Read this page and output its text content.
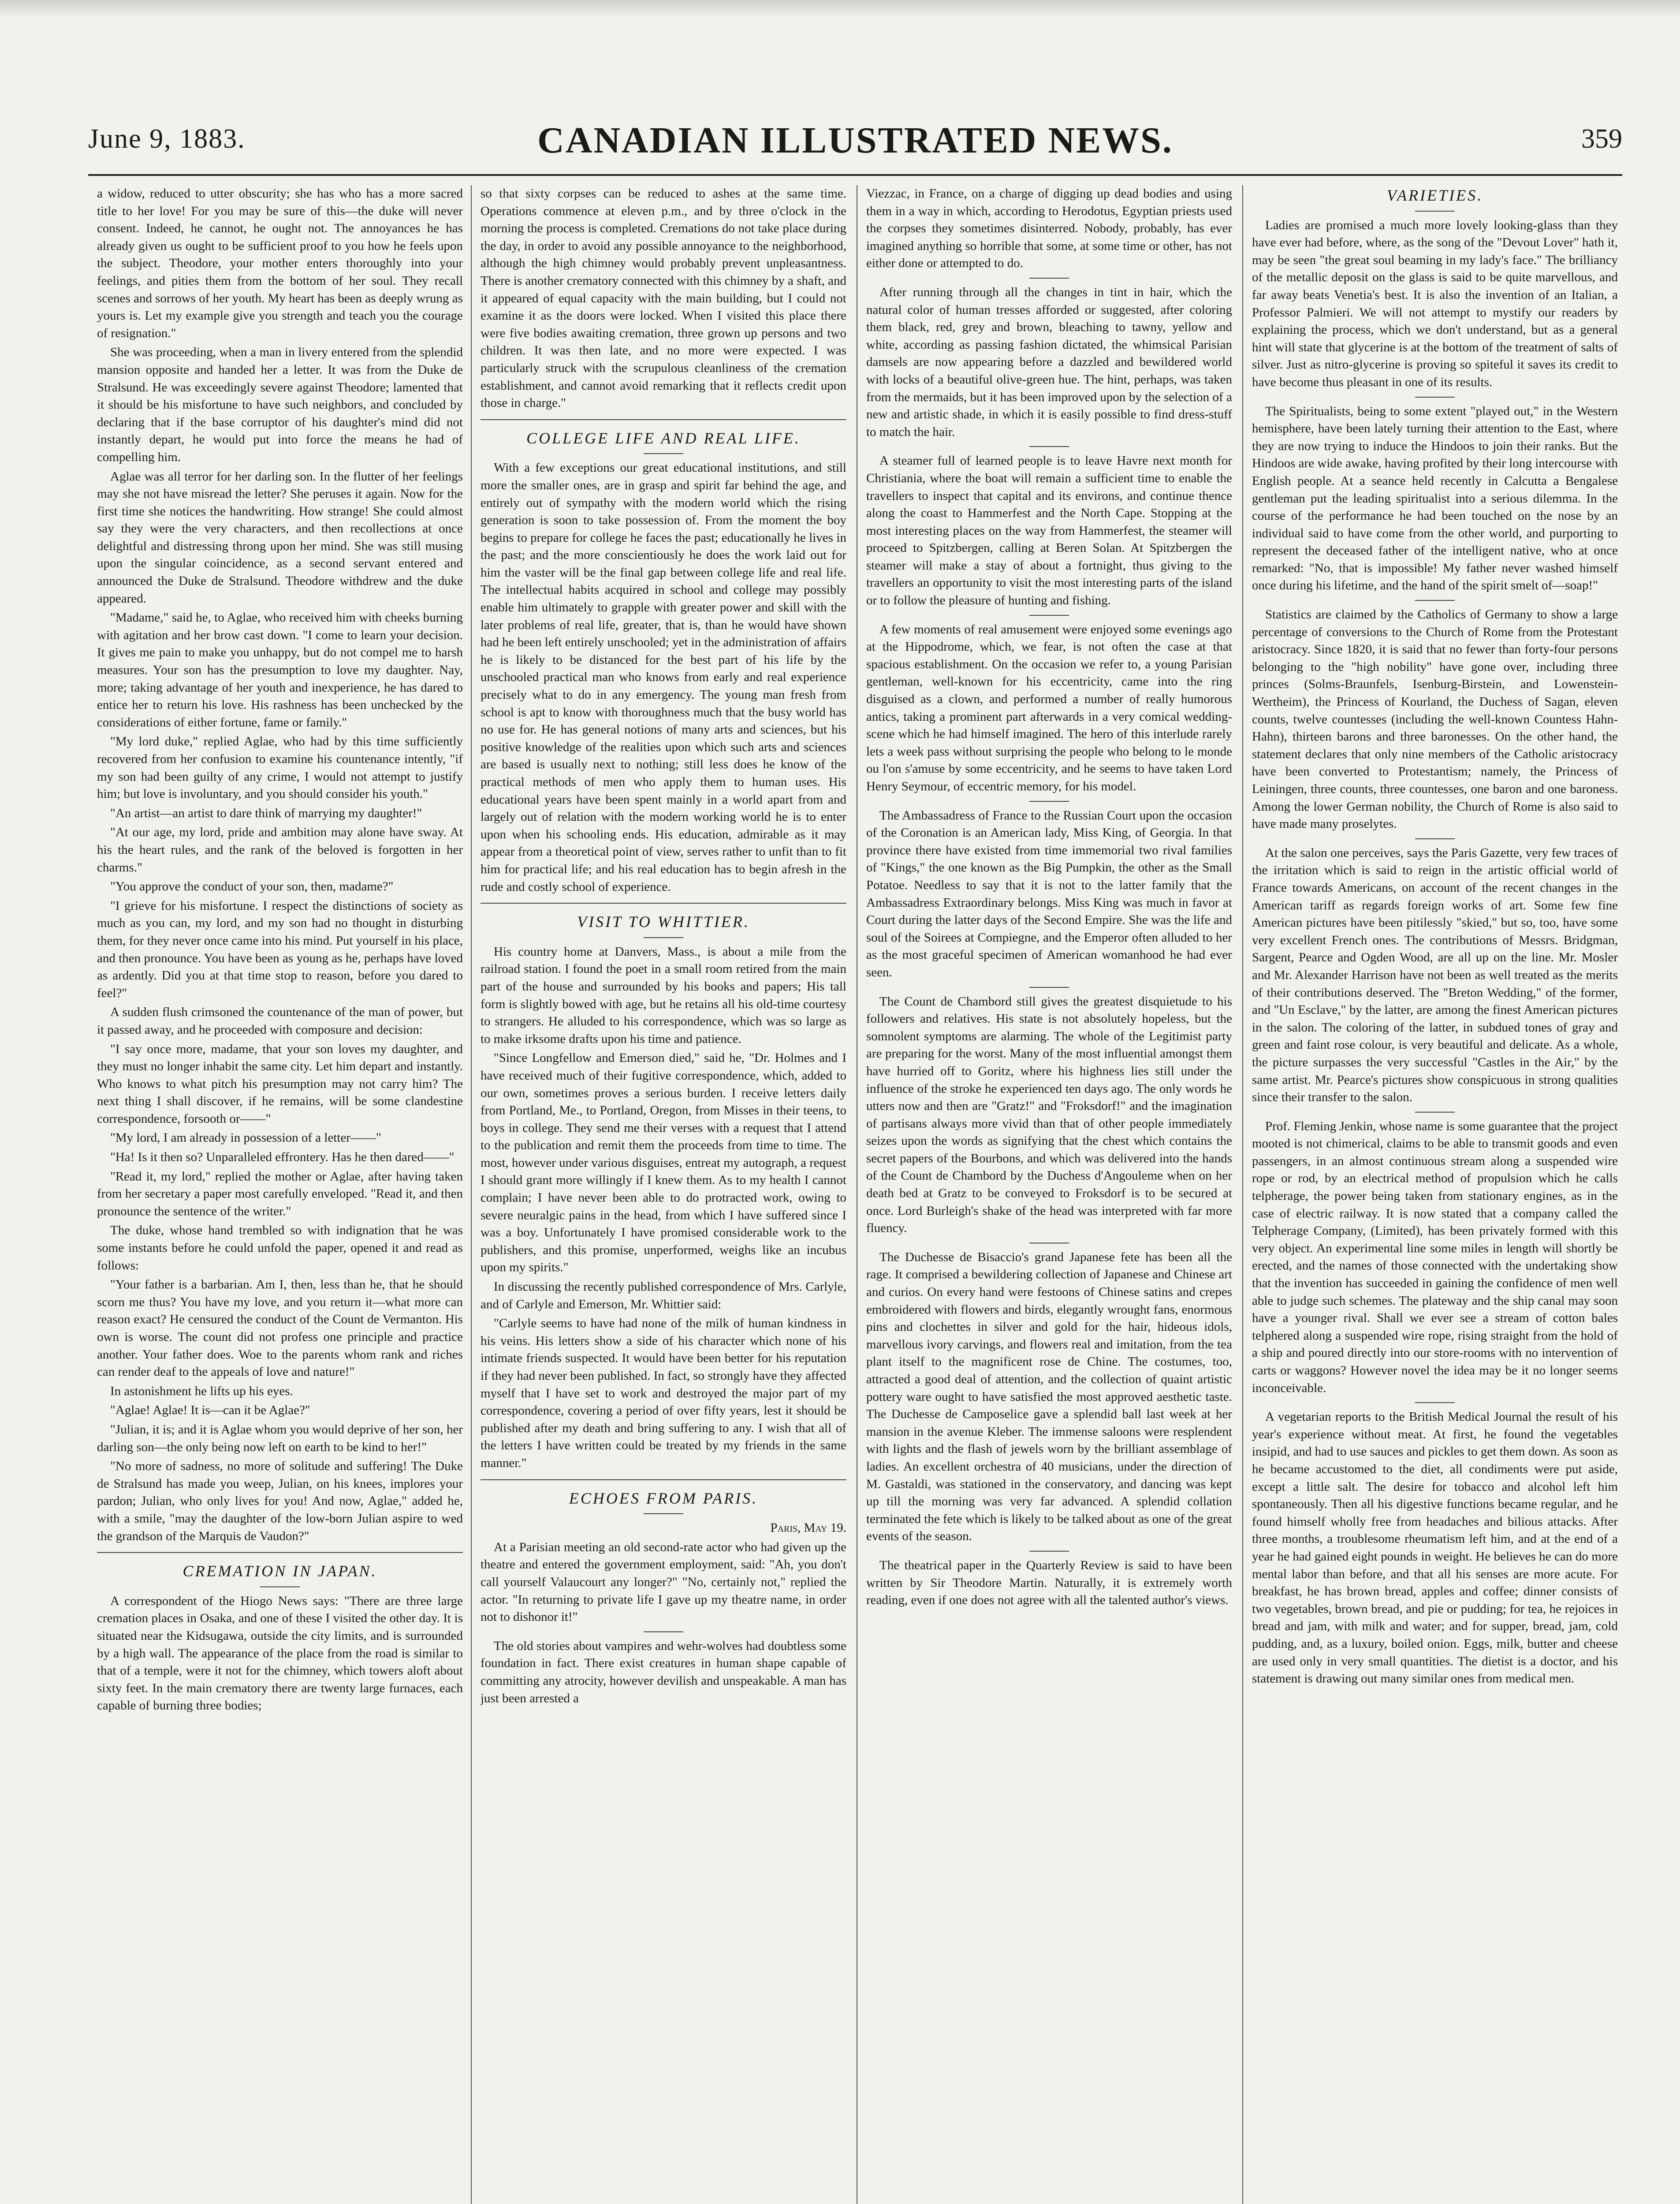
June 9, 1883.	CANADIAN ILLUSTRATED NEWS.	359

a widow, reduced to utter obscurity; she has who has a more sacred title to her love! For you may be sure of this—the duke will never consent. Indeed, he cannot, he ought not. The annoyances he has already given us ought to be sufficient proof to you how he feels upon the subject. Theodore, your mother enters thoroughly into your feelings, and pities them from the bottom of her soul. They recall scenes and sorrows of her youth. My heart has been as deeply wrung as yours is. Let my example give you strength and teach you the courage of resignation."

She was proceeding, when a man in livery entered from the splendid mansion opposite and handed her a letter. It was from the Duke de Stralsund. He was exceedingly severe against Theodore; lamented that it should be his misfortune to have such neighbors, and concluded by declaring that if the base corruptor of his daughter's mind did not instantly depart, he would put into force the means he had of compelling him.

Aglae was all terror for her darling son. In the flutter of her feelings may she not have misread the letter? She peruses it again. Now for the first time she notices the handwriting. How strange! She could almost say they were the very characters, and then recollections at once delightful and distressing throng upon her mind. She was still musing upon the singular coincidence, as a second servant entered and announced the Duke de Stralsund. Theodore withdrew and the duke appeared.

"Madame," said he, to Aglae, who received him with cheeks burning with agitation and her brow cast down. "I come to learn your decision. It gives me pain to make you unhappy, but do not compel me to harsh measures. Your son has the presumption to love my daughter. Nay, more; taking advantage of her youth and inexperience, he has dared to entice her to return his love. His rashness has been unchecked by the considerations of either fortune, fame or family."

"My lord duke," replied Aglae, who had by this time sufficiently recovered from her confusion to examine his countenance intently, "if my son had been guilty of any crime, I would not attempt to justify him; but love is involuntary, and you should consider his youth."

"An artist—an artist to dare think of marrying my daughter!"

"At our age, my lord, pride and ambition may alone have sway. At his the heart rules, and the rank of the beloved is forgotten in her charms."

"You approve the conduct of your son, then, madame?"

"I grieve for his misfortune. I respect the distinctions of society as much as you can, my lord, and my son had no thought in disturbing them, for they never once came into his mind. Put yourself in his place, and then pronounce. You have been as young as he, perhaps have loved as ardently. Did you at that time stop to reason, before you dared to feel?"

A sudden flush crimsoned the countenance of the man of power, but it passed away, and he proceeded with composure and decision:

"I say once more, madame, that your son loves my daughter, and they must no longer inhabit the same city. Let him depart and instantly. Who knows to what pitch his presumption may not carry him? The next thing I shall discover, if he remains, will be some clandestine correspondence, forsooth or——"

"My lord, I am already in possession of a letter——"

"Ha! Is it then so? Unparalleled effrontery. Has he then dared——"

"Read it, my lord," replied the mother or Aglae, after having taken from her secretary a paper most carefully enveloped. "Read it, and then pronounce the sentence of the writer."

The duke, whose hand trembled so with indignation that he was some instants before he could unfold the paper, opened it and read as follows:

"Your father is a barbarian. Am I, then, less than he, that he should scorn me thus? You have my love, and you return it—what more can reason exact? He censured the conduct of the Count de Vermanton. His own is worse. The count did not profess one principle and practice another. Your father does. Woe to the parents whom rank and riches can render deaf to the appeals of love and nature!"

In astonishment he lifts up his eyes.

"Aglae! Aglae! It is—can it be Aglae?"

"Julian, it is; and it is Aglae whom you would deprive of her son, her darling son—the only being now left on earth to be kind to her!"

"No more of sadness, no more of solitude and suffering! The Duke de Stralsund has made you weep, Julian, on his knees, implores your pardon; Julian, who only lives for you! And now, Aglae," added he, with a smile, "may the daughter of the low-born Julian aspire to wed the grandson of the Marquis de Vaudon?"

CREMATION IN JAPAN.

A correspondent of the Hiogo News says: "There are three large cremation places in Osaka, and one of these I visited the other day. It is situated near the Kidsugawa, outside the city limits, and is surrounded by a high wall. The appearance of the place from the road is similar to that of a temple, were it not for the chimney, which towers aloft about sixty feet. In the main crematory there are twenty large furnaces, each capable of burning three bodies;

so that sixty corpses can be reduced to ashes at the same time. Operations commence at eleven p.m., and by three o'clock in the morning the process is completed. Cremations do not take place during the day, in order to avoid any possible annoyance to the neighborhood, although the high chimney would probably prevent unpleasantness. There is another crematory connected with this chimney by a shaft, and it appeared of equal capacity with the main building, but I could not examine it as the doors were locked. When I visited this place there were five bodies awaiting cremation, three grown up persons and two children. It was then late, and no more were expected. I was particularly struck with the scrupulous cleanliness of the cremation establishment, and cannot avoid remarking that it reflects credit upon those in charge."

COLLEGE LIFE AND REAL LIFE.

With a few exceptions our great educational institutions, and still more the smaller ones, are in grasp and spirit far behind the age, and entirely out of sympathy with the modern world which the rising generation is soon to take possession of. From the moment the boy begins to prepare for college he faces the past; educationally he lives in the past; and the more conscientiously he does the work laid out for him the vaster will be the final gap between college life and real life. The intellectual habits acquired in school and college may possibly enable him ultimately to grapple with greater power and skill with the later problems of real life, greater, that is, than he would have shown had he been left entirely unschooled; yet in the administration of affairs he is likely to be distanced for the best part of his life by the unschooled practical man who knows from early and real experience precisely what to do in any emergency. The young man fresh from school is apt to know with thoroughness much that the busy world has no use for. He has general notions of many arts and sciences, but his positive knowledge of the realities upon which such arts and sciences are based is usually next to nothing; still less does he know of the practical methods of men who apply them to human uses. His educational years have been spent mainly in a world apart from and largely out of relation with the modern working world he is to enter upon when his schooling ends. His education, admirable as it may appear from a theoretical point of view, serves rather to unfit than to fit him for practical life; and his real education has to begin afresh in the rude and costly school of experience.

VISIT TO WHITTIER.

His country home at Danvers, Mass., is about a mile from the railroad station. I found the poet in a small room retired from the main part of the house and surrounded by his books and papers; His tall form is slightly bowed with age, but he retains all his old-time courtesy to strangers. He alluded to his correspondence, which was so large as to make irksome drafts upon his time and patience.

"Since Longfellow and Emerson died," said he, "Dr. Holmes and I have received much of their fugitive correspondence, which, added to our own, sometimes proves a serious burden. I receive letters daily from Portland, Me., to Portland, Oregon, from Misses in their teens, to boys in college. They send me their verses with a request that I attend to the publication and remit them the proceeds from time to time. The most, however under various disguises, entreat my autograph, a request I should grant more willingly if I knew them. As to my health I cannot complain; I have never been able to do protracted work, owing to severe neuralgic pains in the head, from which I have suffered since I was a boy. Unfortunately I have promised considerable work to the publishers, and this promise, unperformed, weighs like an incubus upon my spirits."

In discussing the recently published correspondence of Mrs. Carlyle, and of Carlyle and Emerson, Mr. Whittier said:

"Carlyle seems to have had none of the milk of human kindness in his veins. His letters show a side of his character which none of his intimate friends suspected. It would have been better for his reputation if they had never been published. In fact, so strongly have they affected myself that I have set to work and destroyed the major part of my correspondence, covering a period of over fifty years, lest it should be published after my death and bring suffering to any. I wish that all of the letters I have written could be treated by my friends in the same manner."

ECHOES FROM PARIS.

Paris, May 19.

At a Parisian meeting an old second-rate actor who had given up the theatre and entered the government employment, said: "Ah, you don't call yourself Valaucourt any longer?" "No, certainly not," replied the actor. "In returning to private life I gave up my theatre name, in order not to dishonor it!"

The old stories about vampires and wehr-wolves had doubtless some foundation in fact. There exist creatures in human shape capable of committing any atrocity, however devilish and unspeakable. A man has just been arrested a

Viezzac, in France, on a charge of digging up dead bodies and using them in a way in which, according to Herodotus, Egyptian priests used the corpses they sometimes disinterred. Nobody, probably, has ever imagined anything so horrible that some, at some time or other, has not either done or attempted to do.

After running through all the changes in tint in hair, which the natural color of human tresses afforded or suggested, after coloring them black, red, grey and brown, bleaching to tawny, yellow and white, according as passing fashion dictated, the whimsical Parisian damsels are now appearing before a dazzled and bewildered world with locks of a beautiful olive-green hue. The hint, perhaps, was taken from the mermaids, but it has been improved upon by the selection of a new and artistic shade, in which it is easily possible to find dress-stuff to match the hair.

A steamer full of learned people is to leave Havre next month for Christiania, where the boat will remain a sufficient time to enable the travellers to inspect that capital and its environs, and continue thence along the coast to Hammerfest and the North Cape. Stopping at the most interesting places on the way from Hammerfest, the steamer will proceed to Spitzbergen, calling at Beren Solan. At Spitzbergen the steamer will make a stay of about a fortnight, thus giving to the travellers an opportunity to visit the most interesting parts of the island or to follow the pleasure of hunting and fishing.

A few moments of real amusement were enjoyed some evenings ago at the Hippodrome, which, we fear, is not often the case at that spacious establishment. On the occasion we refer to, a young Parisian gentleman, well-known for his eccentricity, came into the ring disguised as a clown, and performed a number of really humorous antics, taking a prominent part afterwards in a very comical wedding-scene which he had himself imagined. The hero of this interlude rarely lets a week pass without surprising the people who belong to le monde ou l'on s'amuse by some eccentricity, and he seems to have taken Lord Henry Seymour, of eccentric memory, for his model.

The Ambassadress of France to the Russian Court upon the occasion of the Coronation is an American lady, Miss King, of Georgia. In that province there have existed from time immemorial two rival families of "Kings," the one known as the Big Pumpkin, the other as the Small Potatoe. Needless to say that it is not to the latter family that the Ambassadress Extraordinary belongs. Miss King was much in favor at Court during the latter days of the Second Empire. She was the life and soul of the Soirees at Compiegne, and the Emperor often alluded to her as the most graceful specimen of American womanhood he had ever seen.

The Count de Chambord still gives the greatest disquietude to his followers and relatives. His state is not absolutely hopeless, but the somnolent symptoms are alarming. The whole of the Legitimist party are preparing for the worst. Many of the most influential amongst them have hurried off to Goritz, where his highness lies still under the influence of the stroke he experienced ten days ago. The only words he utters now and then are "Gratz!" and "Froksdorf!" and the imagination of partisans always more vivid than that of other people immediately seizes upon the words as signifying that the chest which contains the secret papers of the Bourbons, and which was delivered into the hands of the Count de Chambord by the Duchess d'Angouleme when on her death bed at Gratz to be conveyed to Froksdorf is to be secured at once. Lord Burleigh's shake of the head was interpreted with far more fluency.

The Duchesse de Bisaccio's grand Japanese fete has been all the rage. It comprised a bewildering collection of Japanese and Chinese art and curios. On every hand were festoons of Chinese satins and crepes embroidered with flowers and birds, elegantly wrought fans, enormous pins and clochettes in silver and gold for the hair, hideous idols, marvellous ivory carvings, and flowers real and imitation, from the tea plant itself to the magnificent rose de Chine. The costumes, too, attracted a good deal of attention, and the collection of quaint artistic pottery ware ought to have satisfied the most approved aesthetic taste. The Duchesse de Camposelice gave a splendid ball last week at her mansion in the avenue Kleber. The immense saloons were resplendent with lights and the flash of jewels worn by the brilliant assemblage of ladies. An excellent orchestra of 40 musicians, under the direction of M. Gastaldi, was stationed in the conservatory, and dancing was kept up till the morning was very far advanced. A splendid collation terminated the fete which is likely to be talked about as one of the great events of the season.

The theatrical paper in the Quarterly Review is said to have been written by Sir Theodore Martin. Naturally, it is extremely worth reading, even if one does not agree with all the talented author's views.

VARIETIES.

Ladies are promised a much more lovely looking-glass than they have ever had before, where, as the song of the "Devout Lover" hath it, may be seen "the great soul beaming in my lady's face." The brilliancy of the metallic deposit on the glass is said to be quite marvellous, and far away beats Venetia's best. It is also the invention of an Italian, a Professor Palmieri. We will not attempt to mystify our readers by explaining the process, which we don't understand, but as a general hint will state that glycerine is at the bottom of the treatment of salts of silver. Just as nitro-glycerine is proving so spiteful it saves its credit to have become thus pleasant in one of its results.

The Spiritualists, being to some extent "played out," in the Western hemisphere, have been lately turning their attention to the East, where they are now trying to induce the Hindoos to join their ranks. But the Hindoos are wide awake, having profited by their long intercourse with English people. At a seance held recently in Calcutta a Bengalese gentleman put the leading spiritualist into a serious dilemma. In the course of the performance he had been touched on the nose by an individual said to have come from the other world, and purporting to represent the deceased father of the intelligent native, who at once remarked: "No, that is impossible! My father never washed himself once during his lifetime, and the hand of the spirit smelt of—soap!"

Statistics are claimed by the Catholics of Germany to show a large percentage of conversions to the Church of Rome from the Protestant aristocracy. Since 1820, it is said that no fewer than forty-four persons belonging to the "high nobility" have gone over, including three princes (Solms-Braunfels, Isenburg-Birstein, and Lowenstein-Wertheim), the Princess of Kourland, the Duchess of Sagan, eleven counts, twelve countesses (including the well-known Countess Hahn-Hahn), thirteen barons and three baronesses. On the other hand, the statement declares that only nine members of the Catholic aristocracy have been converted to Protestantism; namely, the Princess of Leiningen, three counts, three countesses, one baron and one baroness. Among the lower German nobility, the Church of Rome is also said to have made many proselytes.

At the salon one perceives, says the Paris Gazette, very few traces of the irritation which is said to reign in the artistic official world of France towards Americans, on account of the recent changes in the American tariff as regards foreign works of art. Some few fine American pictures have been pitilessly "skied," but so, too, have some very excellent French ones. The contributions of Messrs. Bridgman, Sargent, Pearce and Ogden Wood, are all up on the line. Mr. Mosler and Mr. Alexander Harrison have not been as well treated as the merits of their contributions deserved. The "Breton Wedding," of the former, and "Un Esclave," by the latter, are among the finest American pictures in the salon. The coloring of the latter, in subdued tones of gray and green and faint rose colour, is very beautiful and delicate. As a whole, the picture surpasses the very successful "Castles in the Air," by the same artist. Mr. Pearce's pictures show conspicuous in strong qualities since their transfer to the salon.

Prof. Fleming Jenkin, whose name is some guarantee that the project mooted is not chimerical, claims to be able to transmit goods and even passengers, in an almost continuous stream along a suspended wire rope or rod, by an electrical method of propulsion which he calls telpherage, the power being taken from stationary engines, as in the case of electric railway. It is now stated that a company called the Telpherage Company, (Limited), has been privately formed with this very object. An experimental line some miles in length will shortly be erected, and the names of those connected with the undertaking show that the invention has succeeded in gaining the confidence of men well able to judge such schemes. The plateway and the ship canal may soon have a younger rival. Shall we ever see a stream of cotton bales telphered along a suspended wire rope, rising straight from the hold of a ship and poured directly into our store-rooms with no intervention of carts or waggons? However novel the idea may be it no longer seems inconceivable.

A vegetarian reports to the British Medical Journal the result of his year's experience without meat. At first, he found the vegetables insipid, and had to use sauces and pickles to get them down. As soon as he became accustomed to the diet, all condiments were put aside, except a little salt. The desire for tobacco and alcohol left him spontaneously. Then all his digestive functions became regular, and he found himself wholly free from headaches and bilious attacks. After three months, a troublesome rheumatism left him, and at the end of a year he had gained eight pounds in weight. He believes he can do more mental labor than before, and that all his senses are more acute. For breakfast, he has brown bread, apples and coffee; dinner consists of two vegetables, brown bread, and pie or pudding; for tea, he rejoices in bread and jam, with milk and water; and for supper, bread, jam, cold pudding, and, as a luxury, boiled onion. Eggs, milk, butter and cheese are used only in very small quantities. The dietist is a doctor, and his statement is drawing out many similar ones from medical men.
